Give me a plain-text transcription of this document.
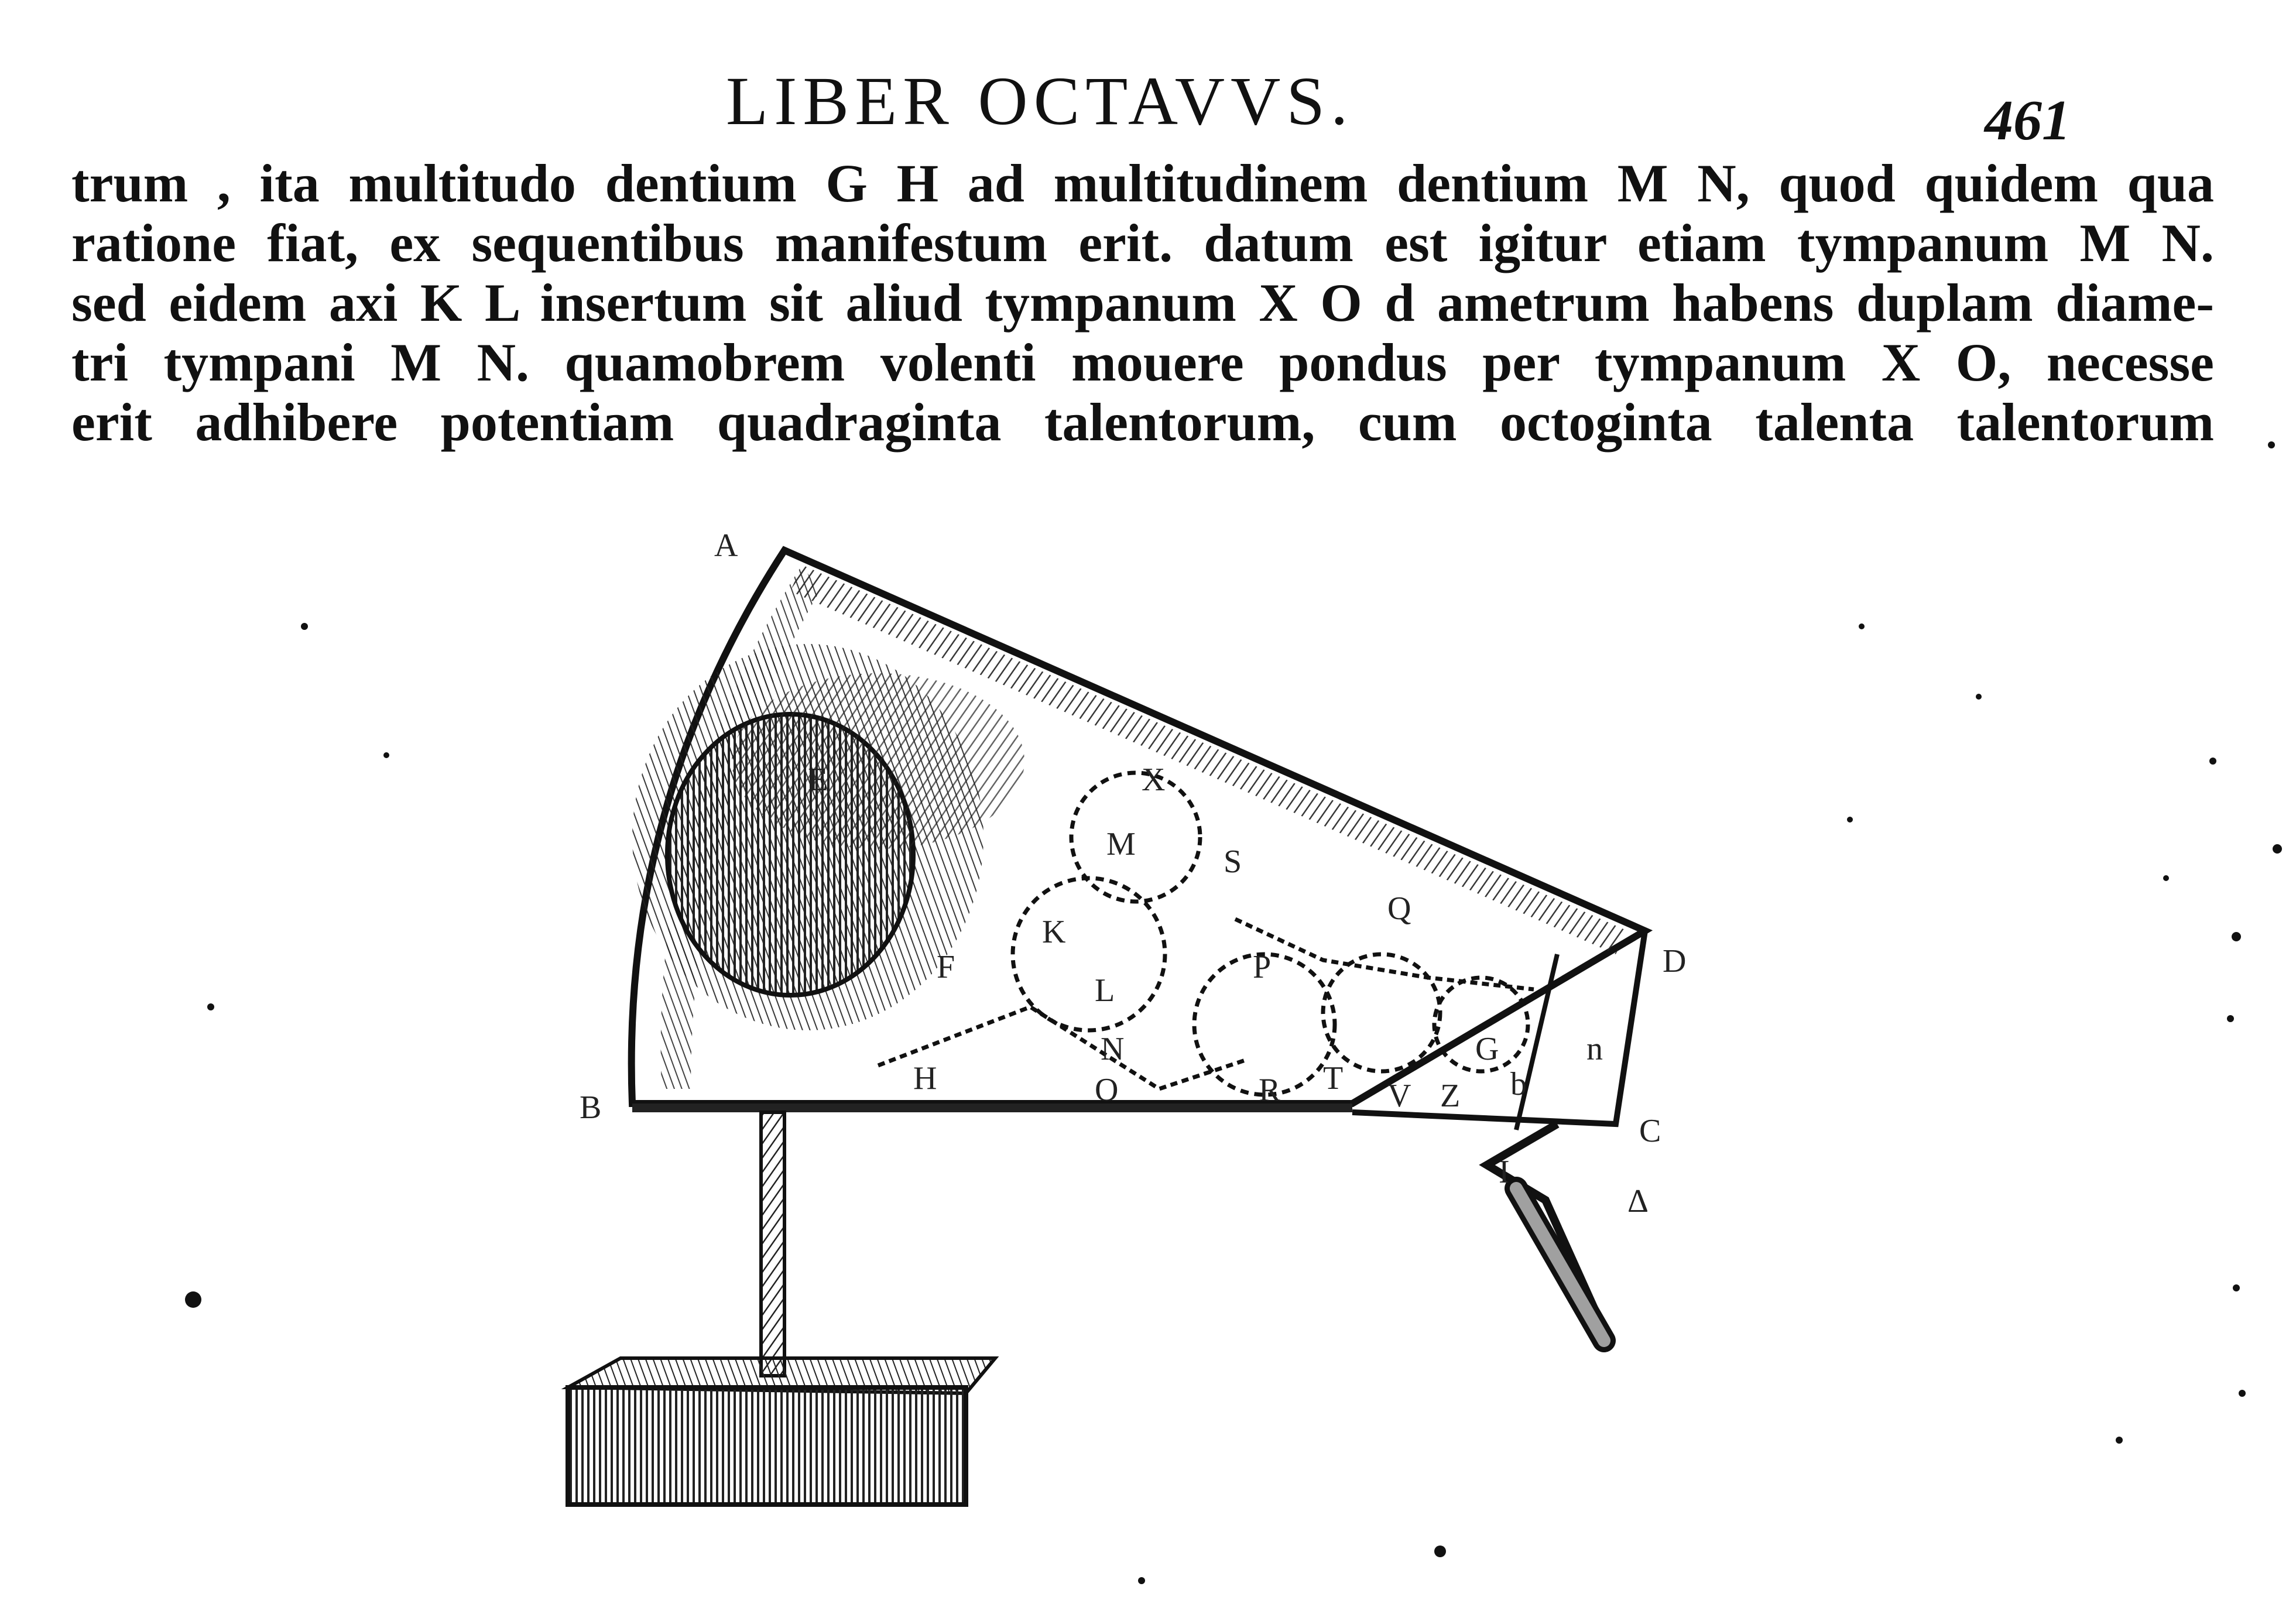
LIBER OCTAVVS.	461
trum , ita multitudo dentium G H ad multitudinem dentium M N, quod quidem qua
ratione fiat, ex sequentibus manifestum erit. datum est igitur etiam tympanum M N.
sed eidem axi K L insertum sit aliud tympanum X O d ametrum habens duplam diame-
tri tympani M N. quamobrem volenti mouere pondus per tympanum X O, necesse
erit adhibere potentiam quadraginta talentorum, cum octoginta talenta talentorum
A
B
D
C
I
Δ
E
F
H
K
L
M
N
O
P
R T
X
S
Q
V Z
G
b
n
